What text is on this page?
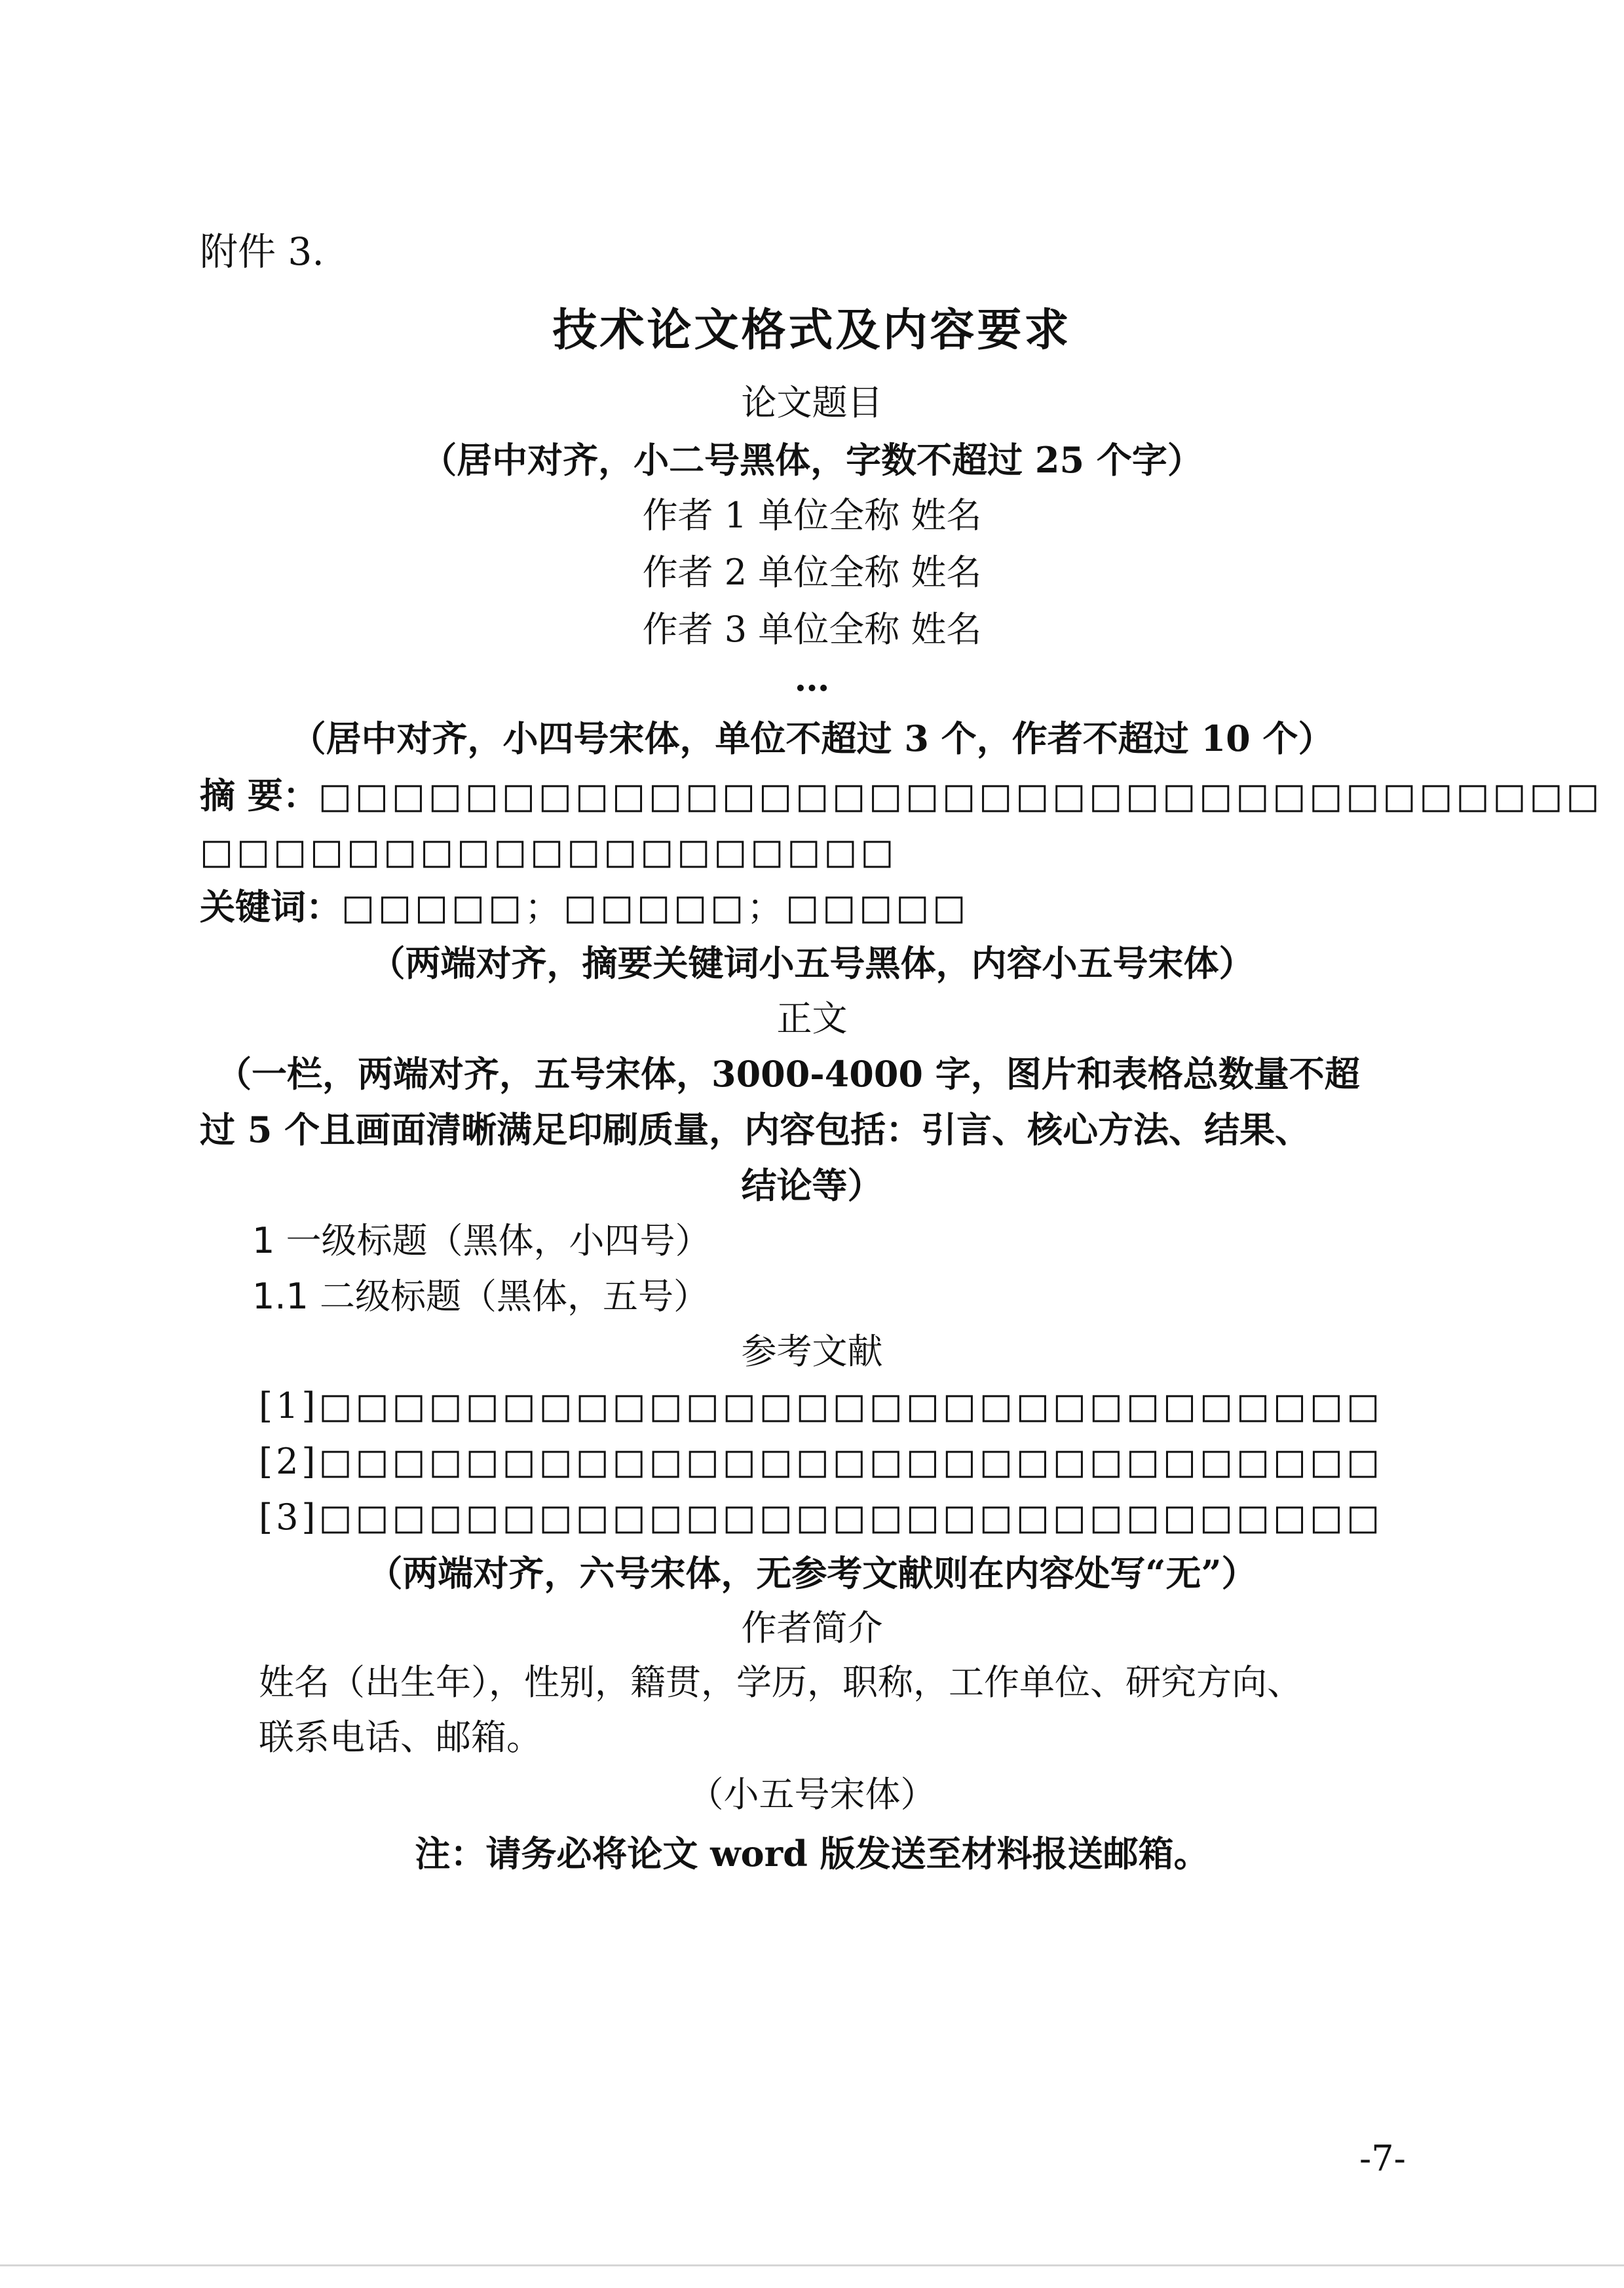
附件 3.
技术论文格式及内容要求
论文题目
（居中对齐，小二号黑体，字数不超过 25 个字）
作者 1 单位全称 姓名
作者 2 单位全称 姓名
作者 3 单位全称 姓名
…
（居中对齐，小四号宋体，单位不超过 3 个，作者不超过 10 个）
摘 要：□□□□□□□□□□□□□□□□□□□□□□□□□□□□□□□□□□□
□□□□□□□□□□□□□□□□□□□
关键词：□□□□□；□□□□□；□□□□□
（两端对齐，摘要关键词小五号黑体，内容小五号宋体）
正文
（一栏，两端对齐，五号宋体，3000-4000 字，图片和表格总数量不超
过 5 个且画面清晰满足印刷质量，内容包括：引言、核心方法、结果、
结论等）
1 一级标题（黑体，小四号）
1.1 二级标题（黑体，五号）
参考文献
[1]□□□□□□□□□□□□□□□□□□□□□□□□□□□□□
[2]□□□□□□□□□□□□□□□□□□□□□□□□□□□□□
[3]□□□□□□□□□□□□□□□□□□□□□□□□□□□□□
（两端对齐，六号宋体，无参考文献则在内容处写“无”）
作者简介
姓名（出生年），性别，籍贯，学历，职称，工作单位、研究方向、
联系电话、邮箱。
（小五号宋体）
注：请务必将论文 word 版发送至材料报送邮箱。
-7-
